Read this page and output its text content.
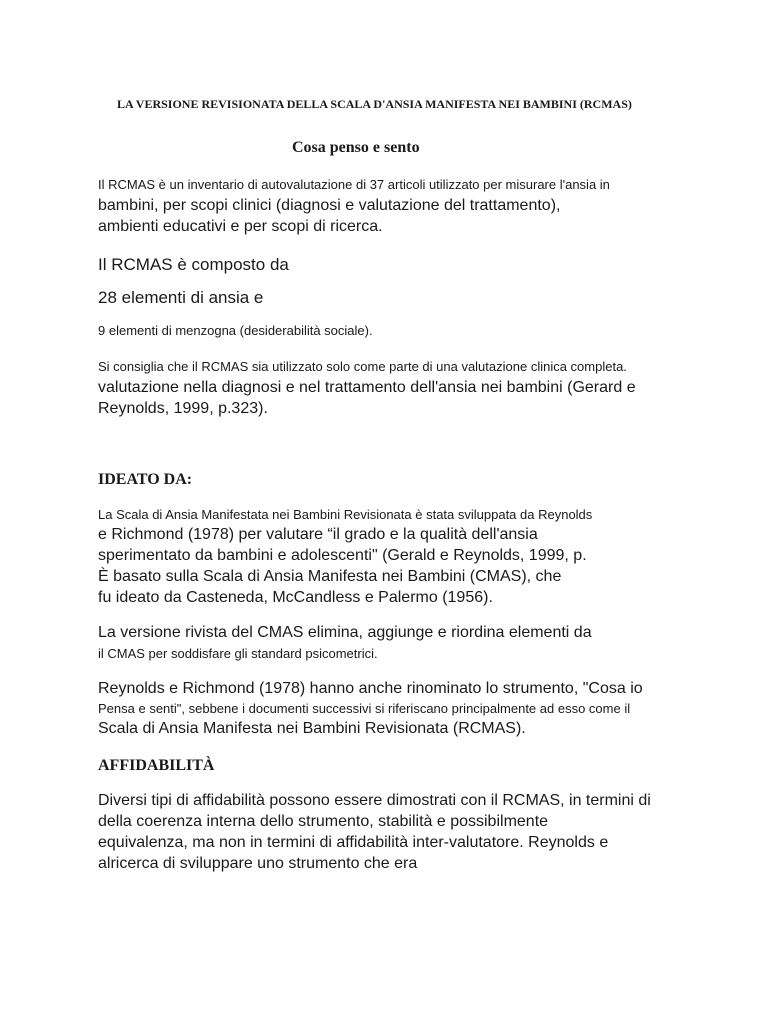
LA VERSIONE REVISIONATA DELLA SCALA D'ANSIA MANIFESTA NEI BAMBINI (RCMAS)
Cosa penso e sento
Il RCMAS è un inventario di autovalutazione di 37 articoli utilizzato per misurare l'ansia in
bambini, per scopi clinici (diagnosi e valutazione del trattamento),
ambienti educativi e per scopi di ricerca.
Il RCMAS è composto da
28 elementi di ansia e
9 elementi di menzogna (desiderabilità sociale).
Si consiglia che il RCMAS sia utilizzato solo come parte di una valutazione clinica completa.
valutazione nella diagnosi e nel trattamento dell'ansia nei bambini (Gerard e
Reynolds, 1999, p.323).
IDEATO DA:
La Scala di Ansia Manifestata nei Bambini Revisionata è stata sviluppata da Reynolds
e Richmond (1978) per valutare “il grado e la qualità dell'ansia
sperimentato da bambini e adolescenti" (Gerald e Reynolds, 1999, p.
È basato sulla Scala di Ansia Manifesta nei Bambini (CMAS), che
fu ideato da Casteneda, McCandless e Palermo (1956).
La versione rivista del CMAS elimina, aggiunge e riordina elementi da
il CMAS per soddisfare gli standard psicometrici.
Reynolds e Richmond (1978) hanno anche rinominato lo strumento, "Cosa io
Pensa e senti", sebbene i documenti successivi si riferiscano principalmente ad esso come il
Scala di Ansia Manifesta nei Bambini Revisionata (RCMAS).
AFFIDABILITÀ
Diversi tipi di affidabilità possono essere dimostrati con il RCMAS, in termini di
della coerenza interna dello strumento, stabilità e possibilmente
equivalenza, ma non in termini di affidabilità inter-valutatore. Reynolds e
alricerca di sviluppare uno strumento che era
